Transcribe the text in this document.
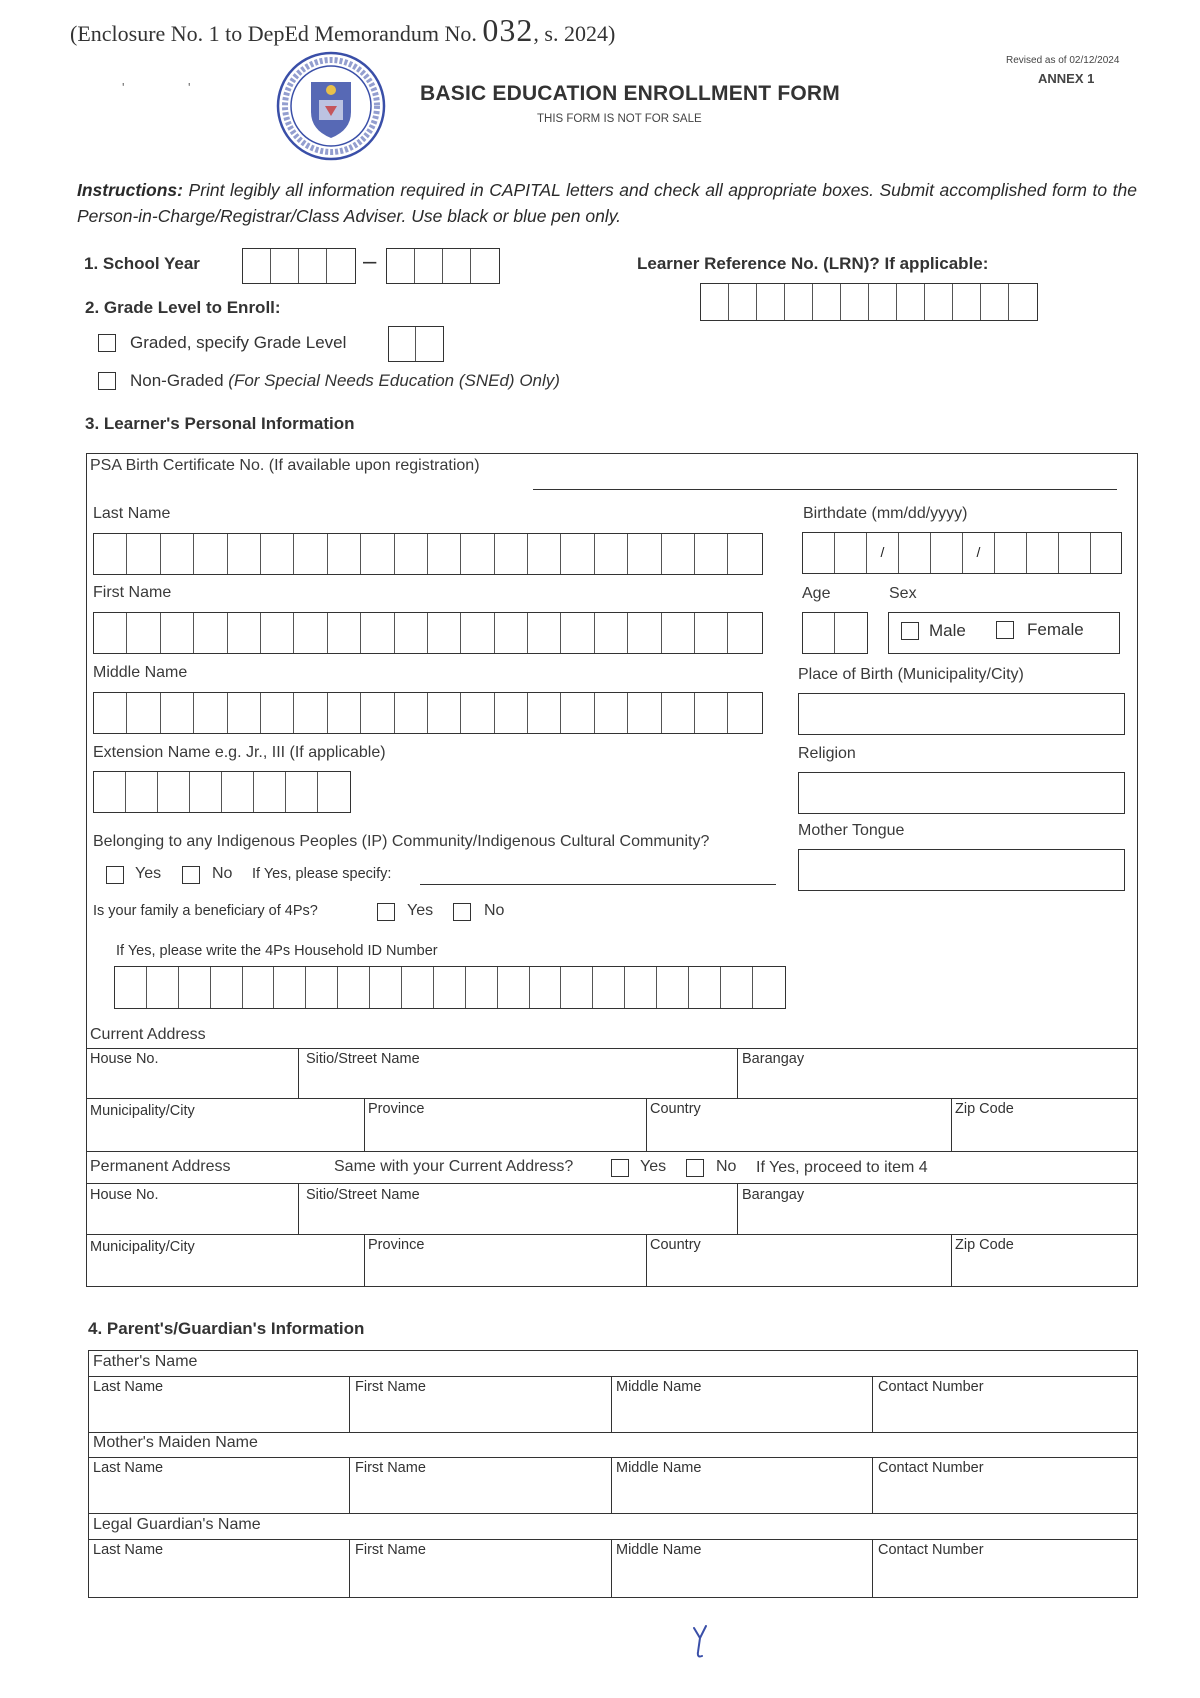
(Enclosure No. 1 to DepEd Memorandum No. 032, s. 2024)
'	'	BASIC EDUCATION ENROLLMENT FORM
THIS FORM IS NOT FOR SALE
Revised as of 02/12/2024
ANNEX 1
Instructions: Print legibly all information required in CAPITAL letters and check all appropriate boxes. Submit accomplished form to the Person-in-Charge/Registrar/Class Adviser. Use black or blue pen only.
1. School Year	–	Learner Reference No. (LRN)? If applicable:
2. Grade Level to Enroll:
Graded, specify Grade Level
Non-Graded (For Special Needs Education (SNEd) Only)
3. Learner's Personal Information
PSA Birth Certificate No. (If available upon registration)
Last Name
First Name
Middle Name
Extension Name e.g. Jr., III (If applicable)
Birthdate (mm/dd/yyyy)
/	/
Age	Sex
Male	Female
Place of Birth (Municipality/City)
Religion
Mother Tongue
Belonging to any Indigenous Peoples (IP) Community/Indigenous Cultural Community?
Yes	No If Yes, please specify:
Is your family a beneficiary of 4Ps?	Yes	No
If Yes, please write the 4Ps Household ID Number
Current Address
House No.	Sitio/Street Name	Barangay
Municipality/City	Province	Country	Zip Code
Permanent Address	Same with your Current Address?	Yes	No If Yes, proceed to item 4
House No.	Sitio/Street Name	Barangay
Municipality/City	Province	Country	Zip Code
4. Parent's/Guardian's Information
Father's Name
Last Name	First Name	Middle Name	Contact Number
Mother's Maiden Name
Last Name	First Name	Middle Name	Contact Number
Legal Guardian's Name
Last Name	First Name	Middle Name	Contact Number
